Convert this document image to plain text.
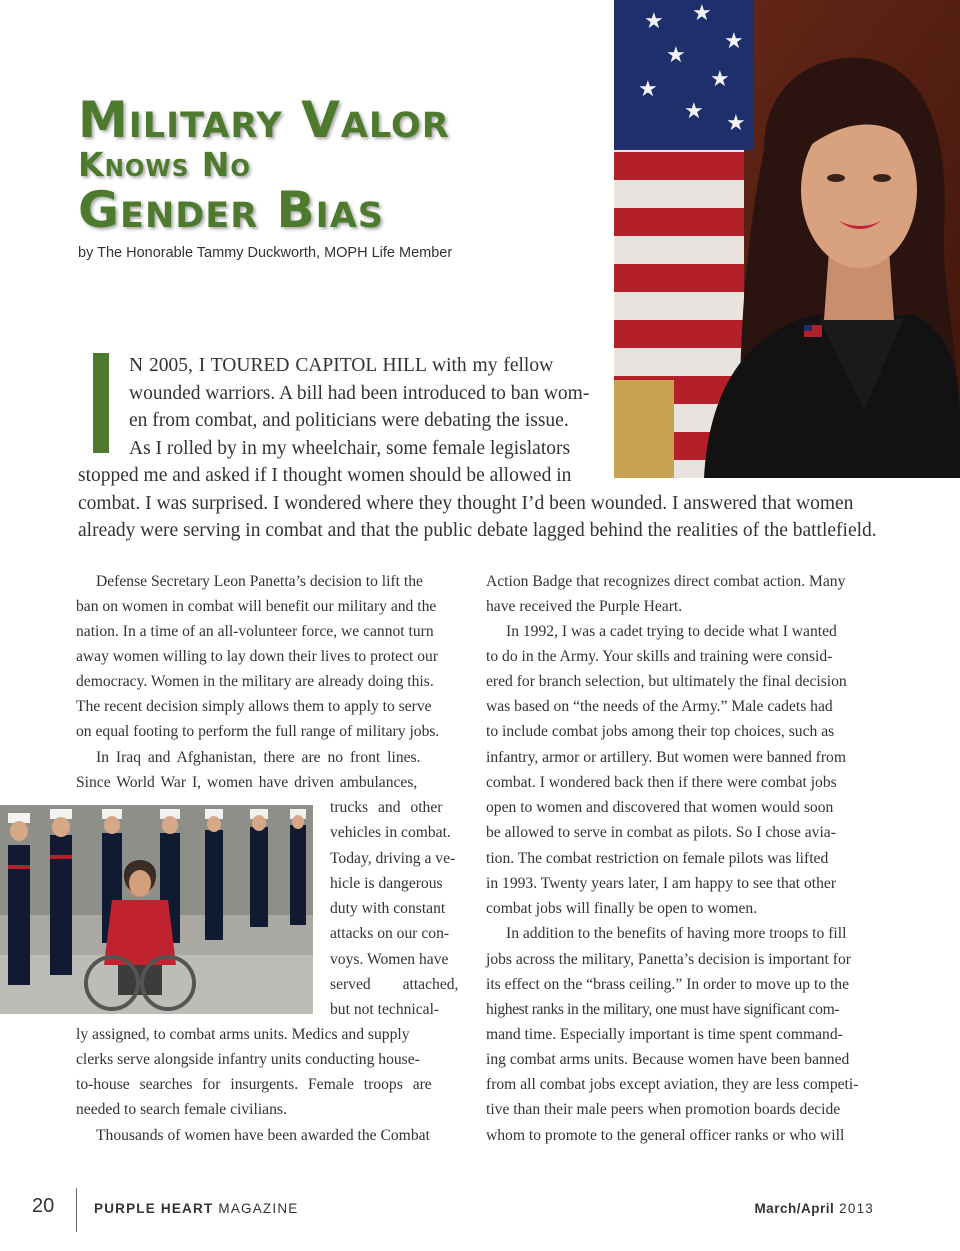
★ ★
★
★
★
★
★ ★
Military Valor
Knows No
Gender Bias
by The Honorable Tammy Duckworth, MOPH Life Member
N 2005, I TOURED CAPITOL HILL with my fellow
wounded warriors. A bill had been introduced to ban wom-
en from combat, and politicians were debating the issue.
As I rolled by in my wheelchair, some female legislators
stopped me and asked if I thought women should be allowed in
combat. I was surprised. I wondered where they thought I’d been wounded. I answered that women
already were serving in combat and that the public debate lagged behind the realities of the battlefield.
Defense Secretary Leon Panetta’s decision to lift the
ban on women in combat will benefit our military and the
nation. In a time of an all-volunteer force, we cannot turn
away women willing to lay down their lives to protect our
democracy. Women in the military are already doing this.
The recent decision simply allows them to apply to serve
on equal footing to perform the full range of military jobs.
In Iraq and Afghanistan, there are no front lines.
Since World War I, women have driven ambulances,
trucks and other
vehicles in combat.
Today, driving a ve-
hicle is dangerous
duty with constant
attacks on our con-
voys. Women have
served attached,
but not technical-
ly assigned, to combat arms units. Medics and supply
clerks serve alongside infantry units conducting house-
to-house searches for insurgents. Female troops are
needed to search female civilians.
Thousands of women have been awarded the Combat
Action Badge that recognizes direct combat action. Many
have received the Purple Heart.
In 1992, I was a cadet trying to decide what I wanted
to do in the Army. Your skills and training were consid-
ered for branch selection, but ultimately the final decision
was based on “the needs of the Army.” Male cadets had
to include combat jobs among their top choices, such as
infantry, armor or artillery. But women were banned from
combat. I wondered back then if there were combat jobs
open to women and discovered that women would soon
be allowed to serve in combat as pilots. So I chose avia-
tion. The combat restriction on female pilots was lifted
in 1993. Twenty years later, I am happy to see that other
combat jobs will finally be open to women.
In addition to the benefits of having more troops to fill
jobs across the military, Panetta’s decision is important for
its effect on the “brass ceiling.” In order to move up to the
highest ranks in the military, one must have significant com-
mand time. Especially important is time spent command-
ing combat arms units. Because women have been banned
from all combat jobs except aviation, they are less competi-
tive than their male peers when promotion boards decide
whom to promote to the general officer ranks or who will
20	PURPLE HEART MAGAZINE	March/April 2013
